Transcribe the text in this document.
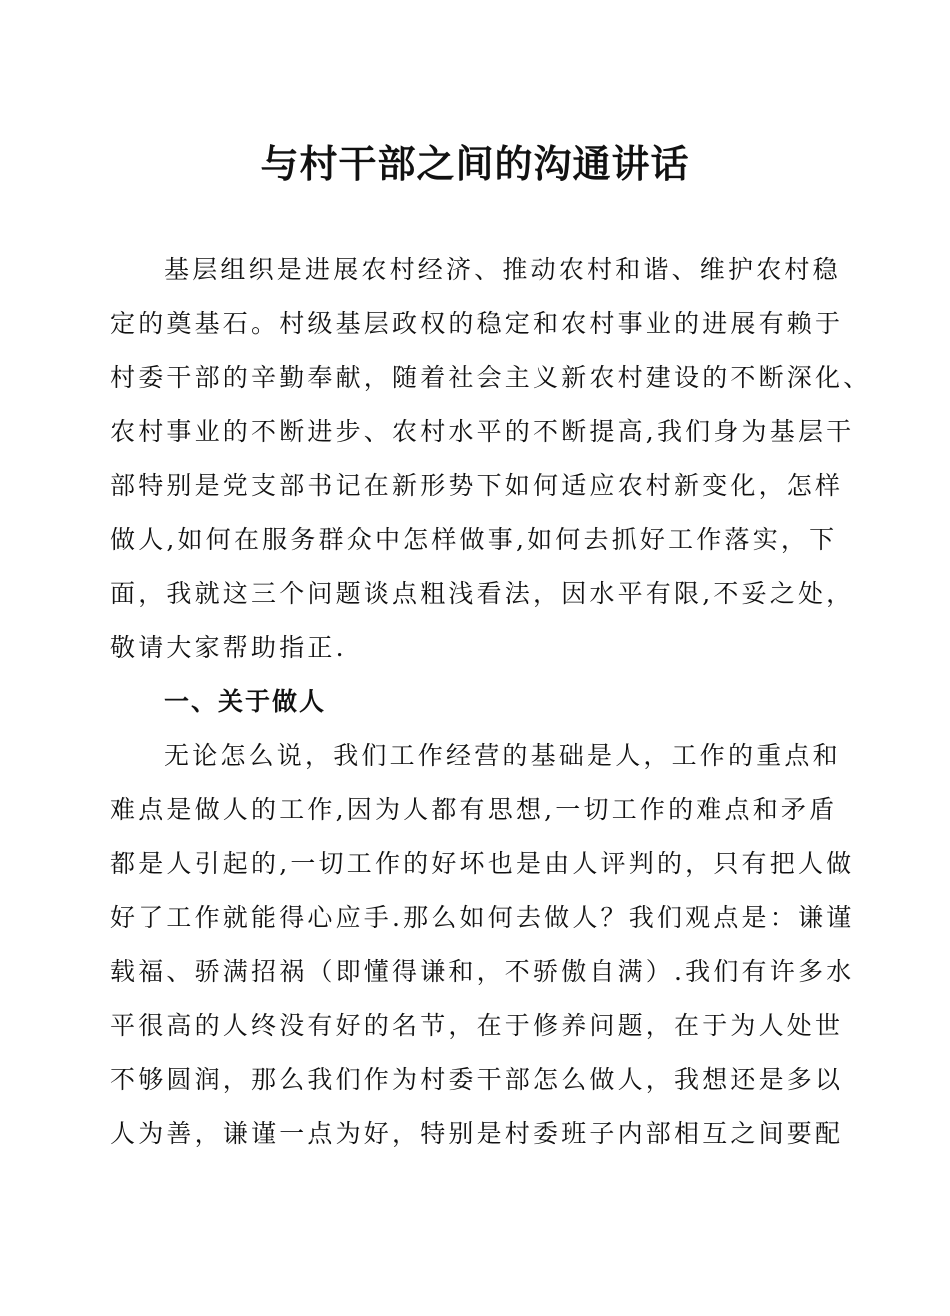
与村干部之间的沟通讲话
基层组织是进展农村经济、推动农村和谐、维护农村稳
定的奠基石。村级基层政权的稳定和农村事业的进展有赖于
村委干部的辛勤奉献，随着社会主义新农村建设的不断深化、
农村事业的不断进步、农村水平的不断提高,我们身为基层干
部特别是党支部书记在新形势下如何适应农村新变化，怎样
做人,如何在服务群众中怎样做事,如何去抓好工作落实，下
面，我就这三个问题谈点粗浅看法，因水平有限,不妥之处，
敬请大家帮助指正.
一、关于做人
无论怎么说，我们工作经营的基础是人，工作的重点和
难点是做人的工作,因为人都有思想,一切工作的难点和矛盾
都是人引起的,一切工作的好坏也是由人评判的，只有把人做
好了工作就能得心应手.那么如何去做人？我们观点是：谦谨
载福、骄满招祸（即懂得谦和，不骄傲自满）.我们有许多水
平很高的人终没有好的名节，在于修养问题，在于为人处世
不够圆润，那么我们作为村委干部怎么做人，我想还是多以
人为善，谦谨一点为好，特别是村委班子内部相互之间要配
